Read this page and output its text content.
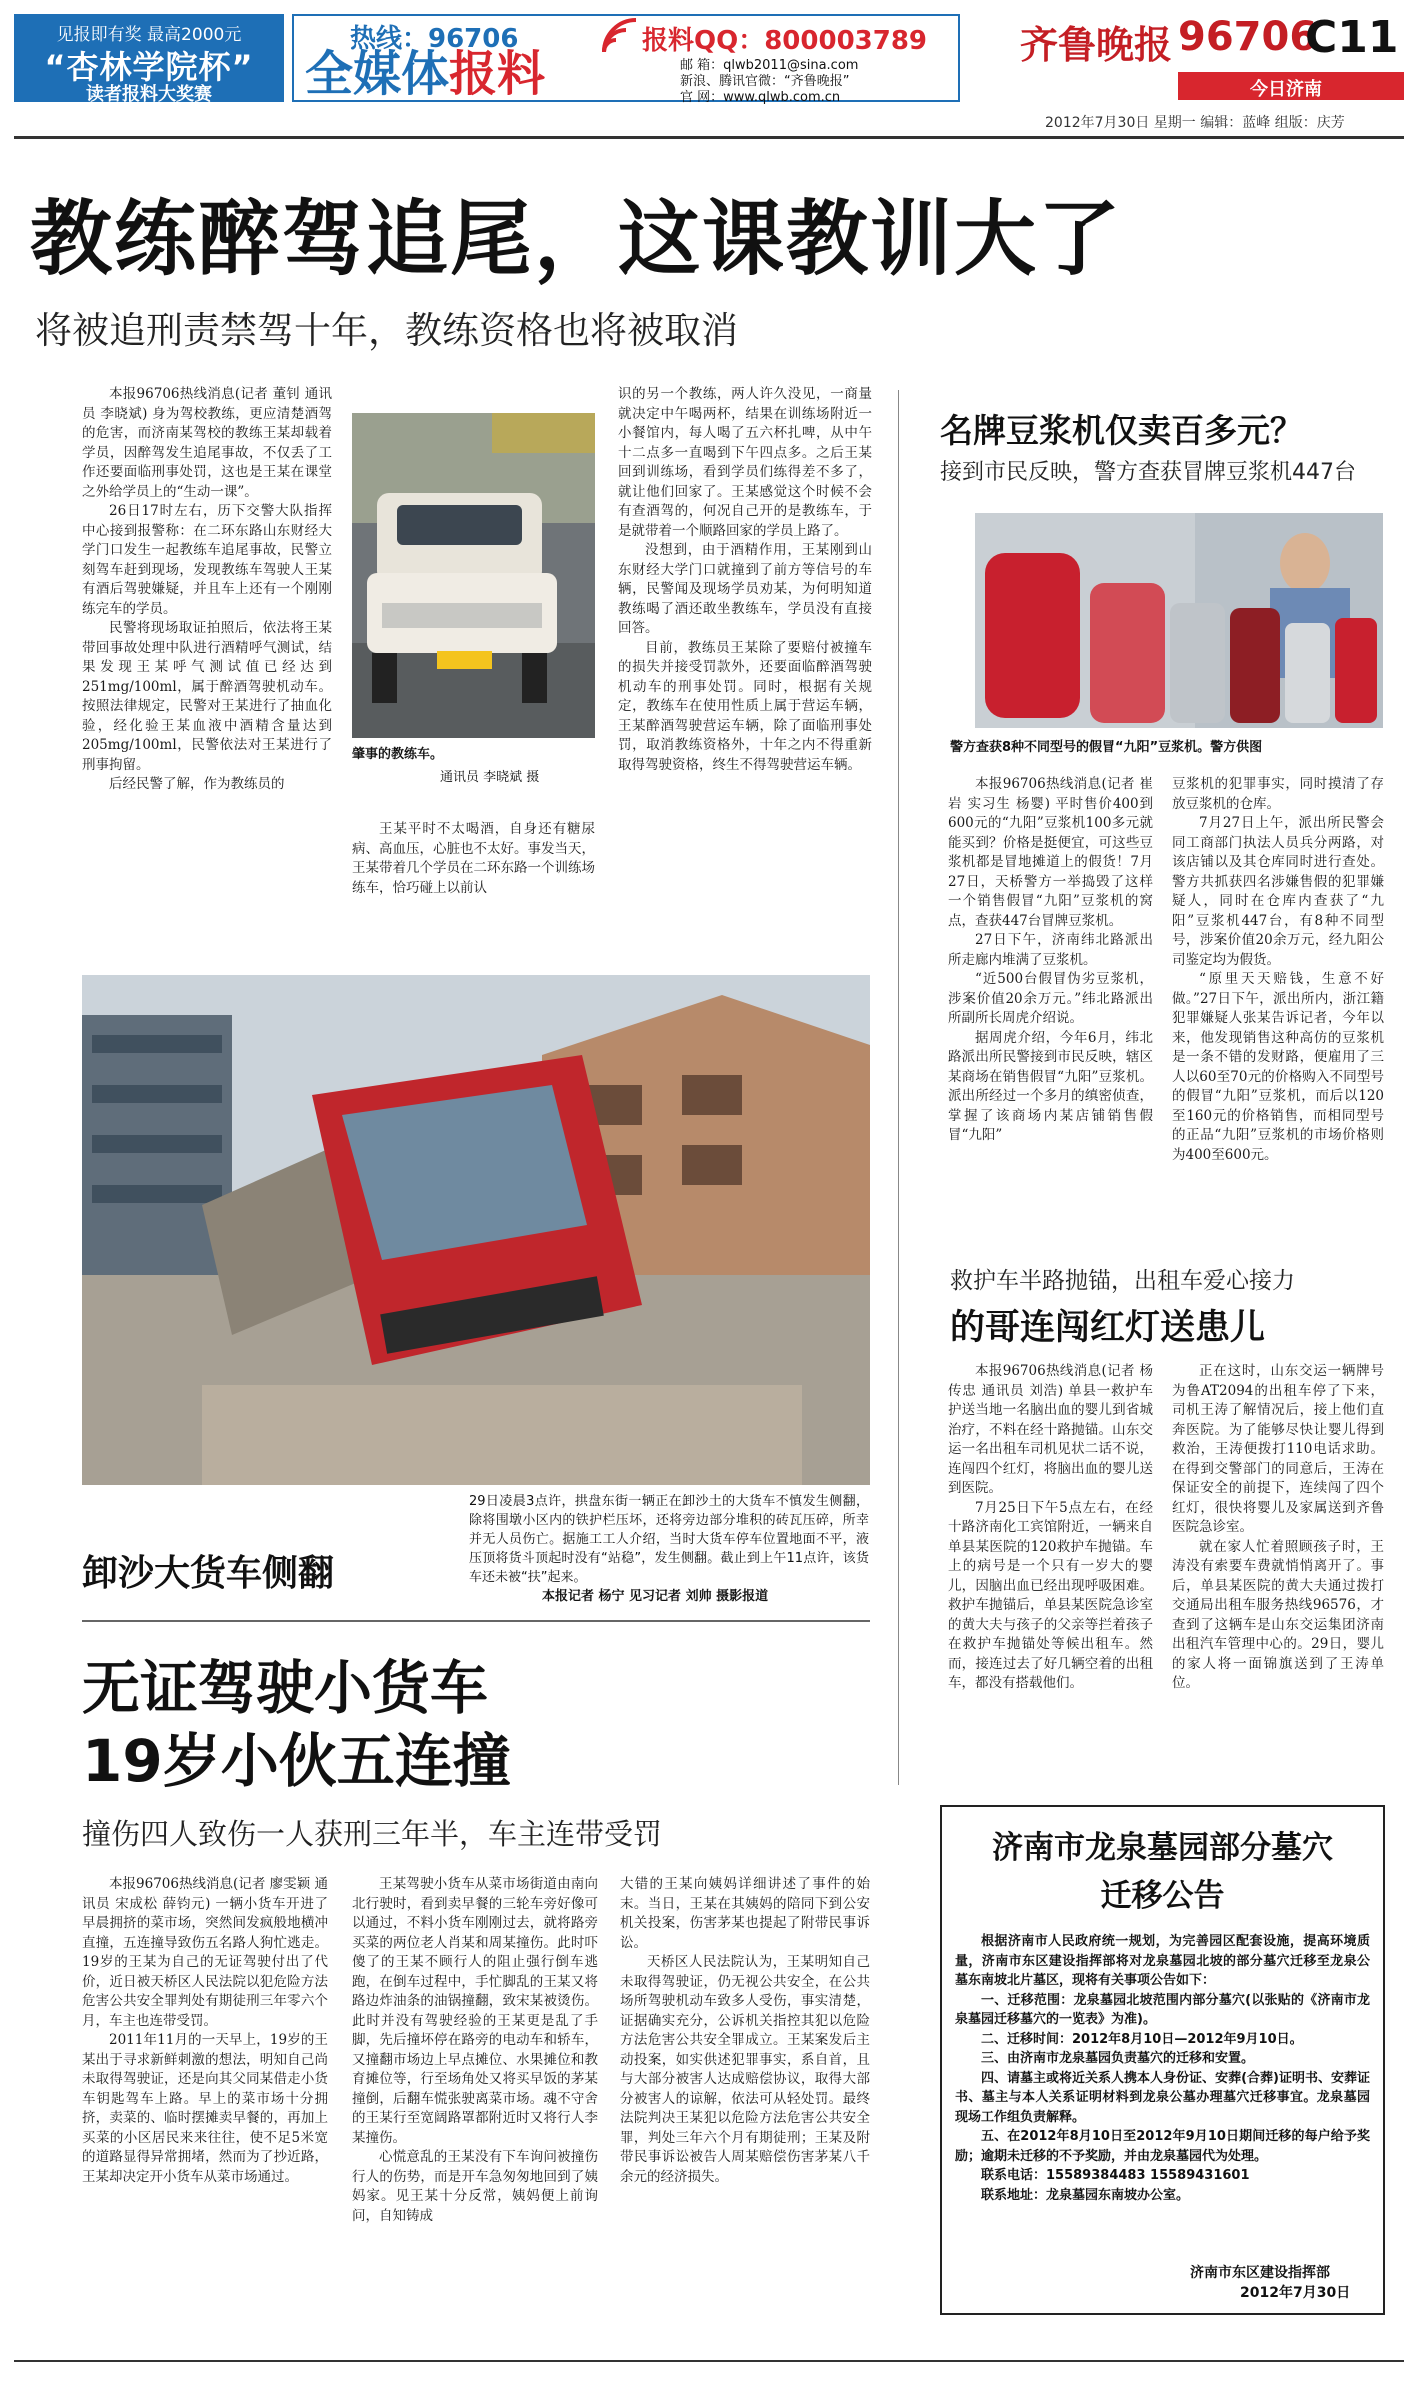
见报即有奖 最高2000元
“杏林学院杯”
读者报料大奖赛
热线：96706
全媒体报料
报料QQ：800003789
邮 箱：qlwb2011@sina.com
新浪、腾讯官微：“齐鲁晚报”
官 网：www.qlwb.com.cn
齐鲁晚报 96706
C11
今日济南
2012年7月30日 星期一 编辑：蓝峰 组版：庆芳
教练醉驾追尾，这课教训大了
将被追刑责禁驾十年，教练资格也将被取消

本报96706热线消息(记者 董钊 通讯员 李晓斌) 身为驾校教练，更应清楚酒驾的危害，而济南某驾校的教练王某却载着学员，因醉驾发生追尾事故，不仅丢了工作还要面临刑事处罚，这也是王某在课堂之外给学员上的“生动一课”。

26日17时左右，历下交警大队指挥中心接到报警称：在二环东路山东财经大学门口发生一起教练车追尾事故，民警立刻驾车赶到现场，发现教练车驾驶人王某有酒后驾驶嫌疑，并且车上还有一个刚刚练完车的学员。

民警将现场取证拍照后，依法将王某带回事故处理中队进行酒精呼气测试，结果发现王某呼气测试值已经达到251mg/100ml，属于醉酒驾驶机动车。按照法律规定，民警对王某进行了抽血化验，经化验王某血液中酒精含量达到205mg/100ml，民警依法对王某进行了刑事拘留。

后经民警了解，作为教练员的

肇事的教练车。
通讯员 李晓斌 摄

王某平时不太喝酒，自身还有糖尿病、高血压，心脏也不太好。事发当天，王某带着几个学员在二环东路一个训练场练车，恰巧碰上以前认

识的另一个教练，两人许久没见，一商量就决定中午喝两杯，结果在训练场附近一小餐馆内，每人喝了五六杯扎啤，从中午十二点多一直喝到下午四点多。之后王某回到训练场，看到学员们练得差不多了，就让他们回家了。王某感觉这个时候不会有查酒驾的，何况自己开的是教练车，于是就带着一个顺路回家的学员上路了。

没想到，由于酒精作用，王某刚到山东财经大学门口就撞到了前方等信号的车辆，民警闻及现场学员劝某，为何明知道教练喝了酒还敢坐教练车，学员没有直接回答。

目前，教练员王某除了要赔付被撞车的损失并接受罚款外，还要面临醉酒驾驶机动车的刑事处罚。同时，根据有关规定，教练车在使用性质上属于营运车辆，王某醉酒驾驶营运车辆，除了面临刑事处罚，取消教练资格外，十年之内不得重新取得驾驶资格，终生不得驾驶营运车辆。

名牌豆浆机仅卖百多元？
接到市民反映，警方查获冒牌豆浆机447台
警方查获8种不同型号的假冒“九阳”豆浆机。警方供图

本报96706热线消息(记者 崔岩 实习生 杨婴) 平时售价400到600元的“九阳”豆浆机100多元就能买到？价格是挺便宜，可这些豆浆机都是冒地摊道上的假货！7月27日，天桥警方一举捣毁了这样一个销售假冒“九阳”豆浆机的窝点，查获447台冒牌豆浆机。

27日下午，济南纬北路派出所走廊内堆满了豆浆机。

“近500台假冒伪劣豆浆机，涉案价值20余万元。”纬北路派出所副所长周虎介绍说。

据周虎介绍，今年6月，纬北路派出所民警接到市民反映，辖区某商场在销售假冒“九阳”豆浆机。派出所经过一个多月的缜密侦查，掌握了该商场内某店铺销售假冒“九阳”

豆浆机的犯罪事实，同时摸清了存放豆浆机的仓库。

7月27日上午，派出所民警会同工商部门执法人员兵分两路，对该店铺以及其仓库同时进行查处。警方共抓获四名涉嫌售假的犯罪嫌疑人，同时在仓库内查获了“九阳”豆浆机447台，有8种不同型号，涉案价值20余万元，经九阳公司鉴定均为假货。

“原里天天赔钱，生意不好做。”27日下午，派出所内，浙江籍犯罪嫌疑人张某告诉记者，今年以来，他发现销售这种高仿的豆浆机是一条不错的发财路，便雇用了三人以60至70元的价格购入不同型号的假冒“九阳”豆浆机，而后以120至160元的价格销售，而相同型号的正品“九阳”豆浆机的市场价格则为400至600元。

救护车半路抛锚，出租车爱心接力
的哥连闯红灯送患儿

本报96706热线消息(记者 杨传忠 通讯员 刘浩) 单县一救护车护送当地一名脑出血的婴儿到省城治疗，不料在经十路抛锚。山东交运一名出租车司机见状二话不说，连闯四个红灯，将脑出血的婴儿送到医院。

7月25日下午5点左右，在经十路济南化工宾馆附近，一辆来自单县某医院的120救护车抛锚。车上的病号是一个只有一岁大的婴儿，因脑出血已经出现呼吸困难。救护车抛锚后，单县某医院急诊室的黄大夫与孩子的父亲等拦着孩子在救护车抛锚处等候出租车。然而，接连过去了好几辆空着的出租车，都没有搭载他们。

正在这时，山东交运一辆牌号为鲁AT2094的出租车停了下来，司机王涛了解情况后，接上他们直奔医院。为了能够尽快让婴儿得到救治，王涛便拨打110电话求助。在得到交警部门的同意后，王涛在保证安全的前提下，连续闯了四个红灯，很快将婴儿及家属送到齐鲁医院急诊室。

就在家人忙着照顾孩子时，王涛没有索要车费就悄悄离开了。事后，单县某医院的黄大夫通过拨打交通局出租车服务热线96576，才查到了这辆车是山东交运集团济南出租汽车管理中心的。29日，婴儿的家人将一面锦旗送到了王涛单位。

29日凌晨3点许，拱盘东街一辆正在卸沙土的大货车不慎发生侧翻，除将围墩小区内的铁护栏压坏，还将旁边部分堆积的砖瓦压碎，所幸并无人员伤亡。据施工工人介绍，当时大货车停车位置地面不平，液压顶将货斗顶起时没有“站稳”，发生侧翻。截止到上午11点许，该货车还未被“扶”起来。
本报记者 杨宁 见习记者 刘帅 摄影报道
卸沙大货车侧翻
无证驾驶小货车
19岁小伙五连撞
撞伤四人致伤一人获刑三年半，车主连带受罚

本报96706热线消息(记者 廖雯颖 通讯员 宋成松 薛钧元) 一辆小货车开进了早晨拥挤的菜市场，突然间发疯般地横冲直撞，五连撞导致伤五名路人狗忙逃走。19岁的王某为自己的无证驾驶付出了代价，近日被天桥区人民法院以犯危险方法危害公共安全罪判处有期徒刑三年零六个月，车主也连带受罚。

2011年11月的一天早上，19岁的王某出于寻求新鲜刺激的想法，明知自己尚未取得驾驶证，还是向其父同某借走小货车钥匙驾车上路。早上的菜市场十分拥挤，卖菜的、临时摆摊卖早餐的，再加上买菜的小区居民来来往往，使不足5米宽的道路显得异常拥堵，然而为了抄近路，王某却决定开小货车从菜市场通过。

王某驾驶小货车从菜市场街道由南向北行驶时，看到卖早餐的三轮车旁好像可以通过，不料小货车刚刚过去，就将路旁买菜的两位老人肖某和周某撞伤。此时吓傻了的王某不顾行人的阻止强行倒车逃跑，在倒车过程中，手忙脚乱的王某又将路边炸油条的油锅撞翻，致宋某被烫伤。此时并没有驾驶经验的王某更是乱了手脚，先后撞坏停在路旁的电动车和轿车，又撞翻市场边上早点摊位、水果摊位和教育摊位等，行至场角处又将买早饭的茅某撞倒，后翻车慌张驶离菜市场。魂不守舍的王某行至宽阔路罩都附近时又将行人李某撞伤。

心慌意乱的王某没有下车询问被撞伤行人的伤势，而是开车急匆匆地回到了姨妈家。见王某十分反常，姨妈便上前询问，自知铸成

大错的王某向姨妈详细讲述了事件的始末。当日，王某在其姨妈的陪同下到公安机关投案，伤害茅某也提起了附带民事诉讼。

天桥区人民法院认为，王某明知自己未取得驾驶证，仍无视公共安全，在公共场所驾驶机动车致多人受伤，事实清楚，证据确实充分，公诉机关指控其犯以危险方法危害公共安全罪成立。王某案发后主动投案，如实供述犯罪事实，系自首，且与大部分被害人达成赔偿协议，取得大部分被害人的谅解，依法可从轻处罚。最终法院判决王某犯以危险方法危害公共安全罪，判处三年六个月有期徒刑；王某及附带民事诉讼被告人周某赔偿伤害茅某八千余元的经济损失。

济南市龙泉墓园部分墓穴
迁移公告
根据济南市人民政府统一规划，为完善园区配套设施，提高环境质量，济南市东区建设指挥部将对龙泉墓园北坡的部分墓穴迁移至龙泉公墓东南坡北片墓区，现将有关事项公告如下：
一、迁移范围：龙泉墓园北坡范围内部分墓穴(以张贴的《济南市龙泉墓园迁移墓穴的一览表》为准)。
二、迁移时间：2012年8月10日—2012年9月10日。
三、由济南市龙泉墓园负责墓穴的迁移和安置。
四、请墓主或将近关系人携本人身份证、安葬(合葬)证明书、安葬证书、墓主与本人关系证明材料到龙泉公墓办理墓穴迁移事宜。龙泉墓园现场工作组负责解释。
五、在2012年8月10日至2012年9月10日期间迁移的每户给予奖励；逾期未迁移的不予奖励，并由龙泉墓园代为处理。
联系电话：15589384483 15589431601
联系地址：龙泉墓园东南坡办公室。
济南市东区建设指挥部
2012年7月30日
